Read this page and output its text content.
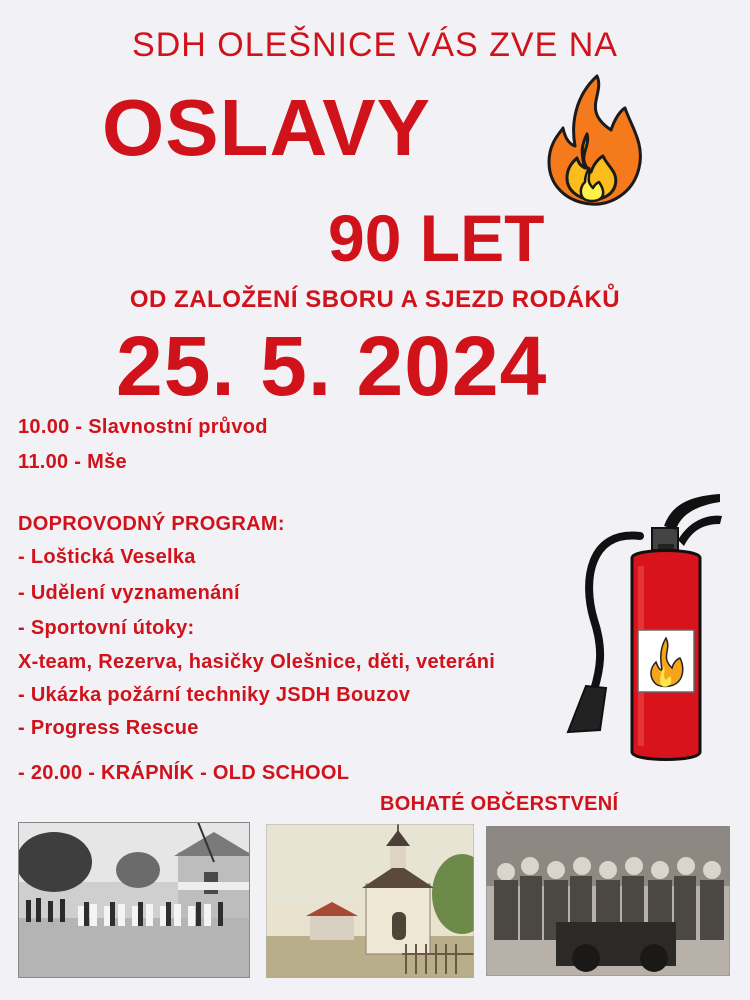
SDH OLEŠNICE VÁS ZVE NA
OSLAVY
90 LET
OD ZALOŽENÍ SBORU A SJEZD RODÁKŮ
25. 5. 2024
10.00 - Slavnostní průvod
11.00 - Mše
DOPROVODNÝ PROGRAM:
- Loštická Veselka
- Udělení vyznamenání
- Sportovní útoky:
X-team, Rezerva, hasičky Olešnice, děti, veteráni
- Ukázka požární techniky JSDH Bouzov
- Progress Rescue
- 20.00 - KRÁPNÍK - OLD SCHOOL
BOHATÉ OBČERSTVENÍ
